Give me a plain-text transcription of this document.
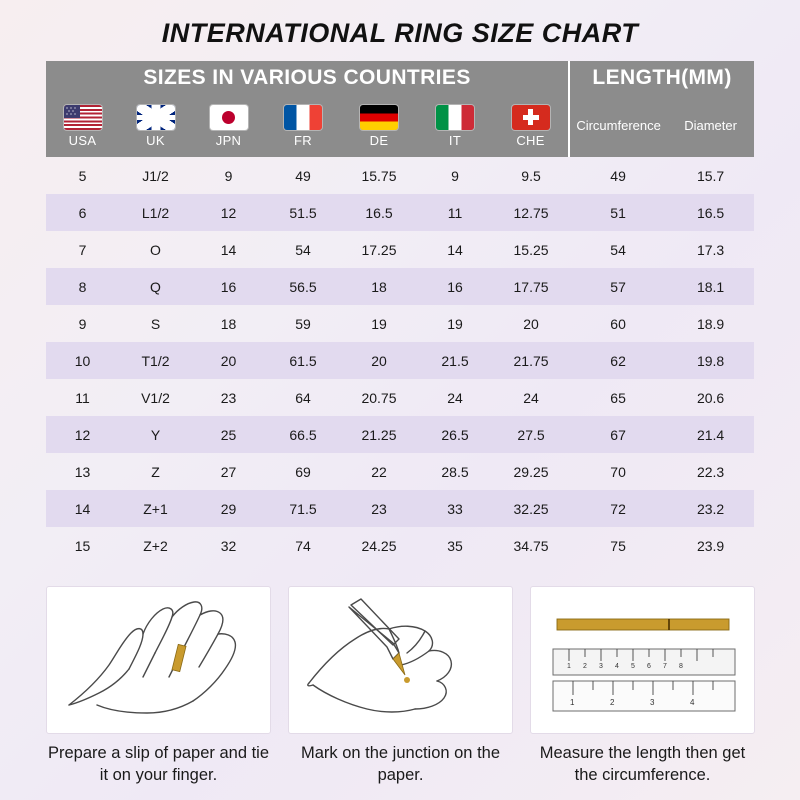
INTERNATIONAL RING SIZE CHART
SIZES IN VARIOUS COUNTRIES							LENGTH(MM)	

USA	UK	JPN	FR	DE	IT	CHE	Circumference	Diameter
5	J1/2	9	49	15.75	9	9.5	49	15.7
6	L1/2	12	51.5	16.5	11	12.75	51	16.5
7	O	14	54	17.25	14	15.25	54	17.3
8	Q	16	56.5	18	16	17.75	57	18.1
9	S	18	59	19	19	20	60	18.9
10	T1/2	20	61.5	20	21.5	21.75	62	19.8
11	V1/2	23	64	20.75	24	24	65	20.6
12	Y	25	66.5	21.25	26.5	27.5	67	21.4
13	Z	27	69	22	28.5	29.25	70	22.3
14	Z+1	29	71.5	23	33	32.25	72	23.2
15	Z+2	32	74	24.25	35	34.75	75	23.9
Prepare a slip of paper and tie it on your finger.
Mark on the junction on the paper.
1 2 3 4 5 6 7 8
1	2	3	4
Measure the length then get the circumference.
